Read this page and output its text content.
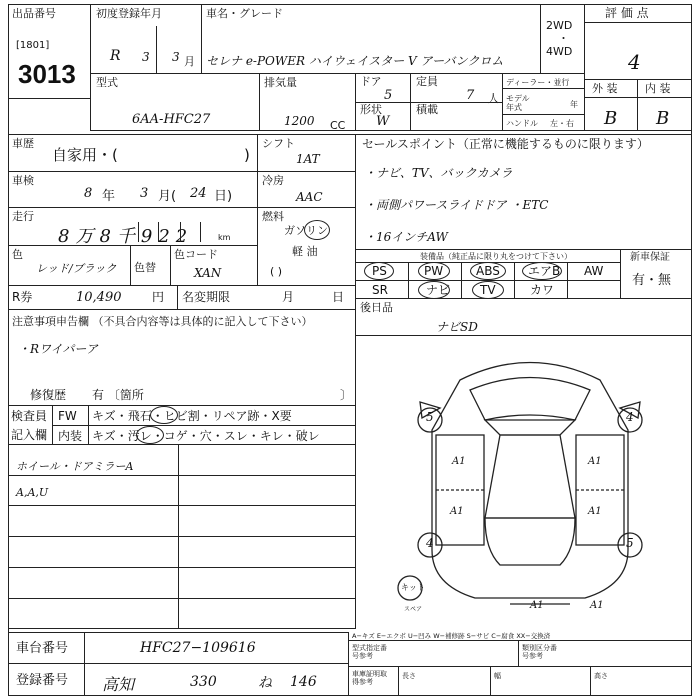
出品番号
[1801]
3013
初度登録年月
R 3 3 月
車名・グレード
セレナ e-POWER ハイウェイスター V アーバンクロム
2WD
・
4WD
評 価 点
4
型式
6AA-HFC27
排気量
1200 CC
ドア
5
定員
7 人
形状
W
積載
ディーラー・並行
モデル年式	年
ハンドル 左・右
外 装	内 装
B B
車歴
自家用・(	)
車検
8 年 3 月( 24 日)
走行
8万8千922	km
色
レッド/ブラック 色替
色コード
XAN
シフト
1AT
冷房
AAC
燃料
ガソリン
軽 油
( )
R券	10,490	円 名変期限	月	日
注意事項申告欄 （不具合内容等は具体的に記入して下さい）
・Rワイパーア
修復歴 有 〔箇所	〕
検査員
記入欄
FW キズ・飛石・ヒビ割・リペア跡・X要
内装 キズ・汚レ・コゲ・穴・スレ・キレ・破レ
ホイール・ドアミラーA
A,A,U
セールスポイント（正常に機能するものに限ります）
・ナビ、TV、バックカメラ
・両側パワースライドドア ・ETC
・16インチAW
装備品（純正品に限り丸をつけて下さい）	新車保証
有・無
PS	PW	ABS エアB AW
SR	ナビ TV	カワ
後日品
ナビSD
5	4
4	5
A1	A1
A1	A1
A1	A1
キット
スペア
A−キズ E−エクボ U−凹み W−補修跡 S−サビ C−腐食 XX−交換済
車台番号	HFC27−109616
登録番号 高知	330	ね 146
型式指定番号参考
類別区分番号参考
車庫証明取得参考
長さ	幅	高さ
